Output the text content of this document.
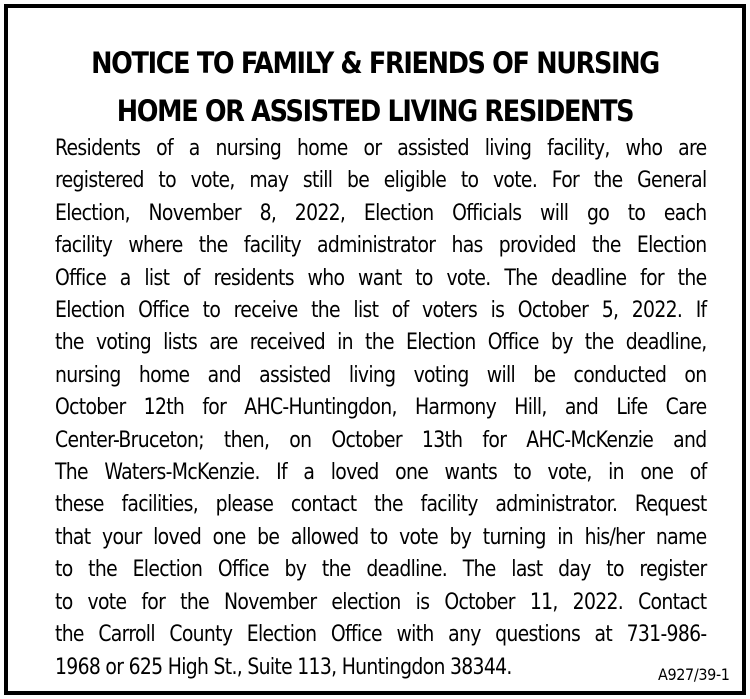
NOTICE TO FAMILY & FRIENDS OF NURSING
HOME OR ASSISTED LIVING RESIDENTS
Residents of a nursing home or assisted living facility, who are
registered to vote, may still be eligible to vote. For the General
Election, November 8, 2022, Election Officials will go to each
facility where the facility administrator has provided the Election
Office a list of residents who want to vote. The deadline for the
Election Office to receive the list of voters is October 5, 2022. If
the voting lists are received in the Election Office by the deadline,
nursing home and assisted living voting will be conducted on
October 12th for AHC-Huntingdon, Harmony Hill, and Life Care
Center-Bruceton; then, on October 13th for AHC-McKenzie and
The Waters-McKenzie. If a loved one wants to vote, in one of
these facilities, please contact the facility administrator. Request
that your loved one be allowed to vote by turning in his/her name
to the Election Office by the deadline. The last day to register
to vote for the November election is October 11, 2022. Contact
the Carroll County Election Office with any questions at 731-986-
1968 or 625 High St., Suite 113, Huntingdon 38344.	A927/39-1
